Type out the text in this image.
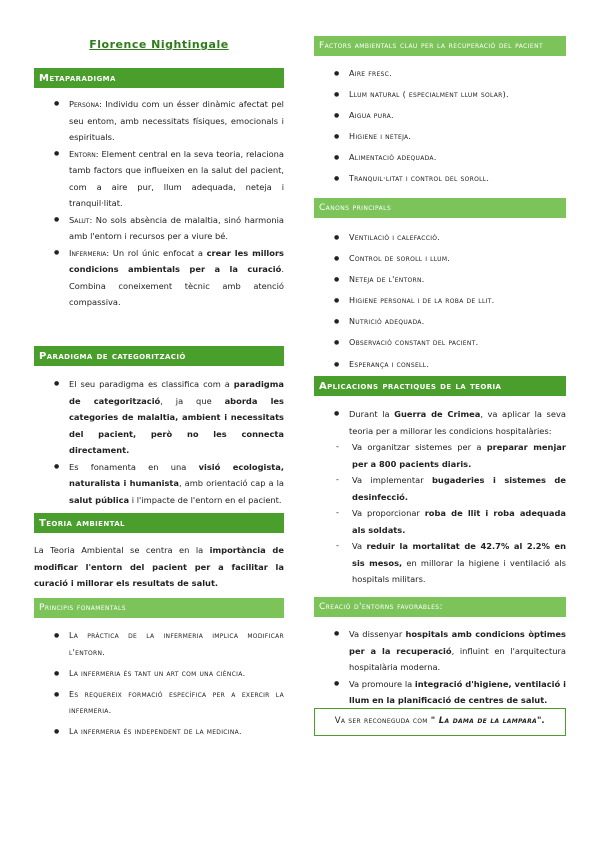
Florence Nightingale
Metaparadigma
● Persona: Individu com un ésser dinàmic afectat pel seu entom, amb necessitats físiques, emocionals i espirituals.
● Entorn: Element central en la seva teoria, relaciona tamb factors que influeixen en la salut del pacient, com a aire pur, llum adequada, neteja i tranquil·litat.
● Salut: No sols absència de malaltia, sinó harmonia amb l'entorn i recursos per a viure bé.
● Infermeria: Un rol únic enfocat a crear les millors condicions ambientals per a la curació. Combina coneixement tècnic amb atenció compassiva.
Paradigma de categorització
● El seu paradigma es classifica com a paradigma de categorització, ja que aborda les categories de malaltia, ambient i necessitats del pacient, però no les connecta directament.
● Es fonamenta en una visió ecologista, naturalista i humanista, amb orientació cap a la salut pública i l'impacte de l'entorn en el pacient.
Teoria ambiental
La Teoria Ambiental se centra en la importància de modificar l'entorn del pacient per a facilitar la curació i millorar els resultats de salut.
Principis fonamentals
● La pràctica de la infermeria implica modificar l'entorn.
● La infermeria és tant un art com una ciència.
● Es requereix formació específica per a exercir la infermeria.
● La infermeria és independent de la medicina.
Factors ambientals clau per la recuperació del pacient
● Aire fresc.
● Llum natural ( especialment llum solar).
● Aigua pura.
● Higiene i neteja.
● Alimentació adequada.
● Tranquil·litat i control del soroll.
Canons principals
● Ventilació i calefacció.
● Control de soroll i llum.
● Neteja de l'entorn.
● Higiene personal i de la roba de llit.
● Nutrició adequada.
● Observació constant del pacient.
● Esperança i consell.
Aplicacions practiques de la teoria
● Durant la Guerra de Crimea, va aplicar la seva teoria per a millorar les condicions hospitalàries:
- Va organitzar sistemes per a preparar menjar per a 800 pacients diaris.
- Va implementar bugaderies i sistemes de desinfecció.
- Va proporcionar roba de llit i roba adequada als soldats.
- Va reduir la mortalitat de 42.7% al 2.2% en sis mesos, en millorar la higiene i ventilació als hospitals militars.
Creació d'entorns favorables:
● Va dissenyar hospitals amb condicions òptimes per a la recuperació, influint en l'arquitectura hospitalària moderna.
● Va promoure la integració d'higiene, ventilació i llum en la planificació de centres de salut.
Va ser reconeguda com " La dama de la lampara".
